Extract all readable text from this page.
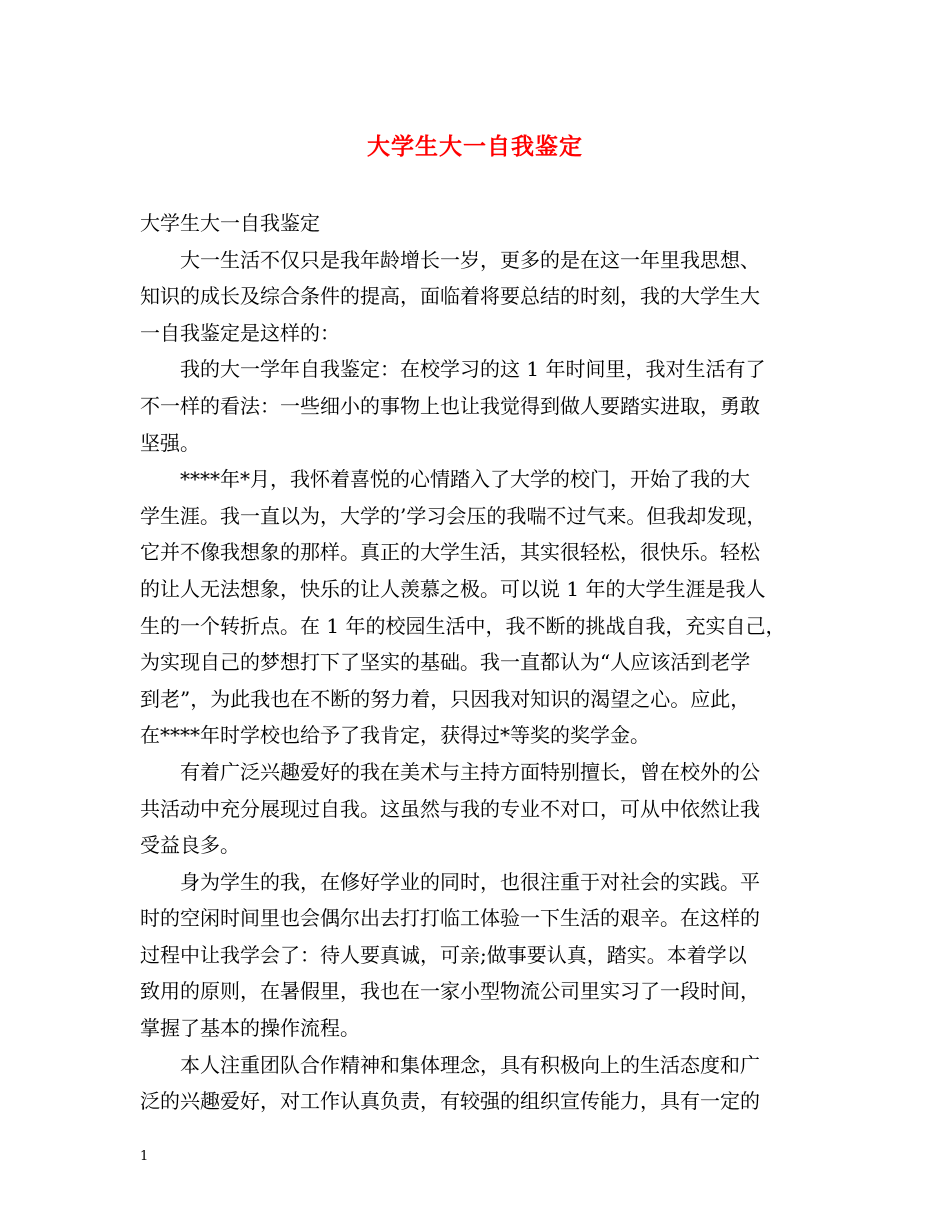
大学生大一自我鉴定
大学生大一自我鉴定
大一生活不仅只是我年龄增长一岁，更多的是在这一年里我思想、
知识的成长及综合条件的提高，面临着将要总结的时刻，我的大学生大
一自我鉴定是这样的：
我的大一学年自我鉴定：在校学习的这 1 年时间里，我对生活有了
不一样的看法：一些细小的事物上也让我觉得到做人要踏实进取，勇敢
坚强。
****年*月，我怀着喜悦的心情踏入了大学的校门，开始了我的大
学生涯。我一直以为，大学的’学习会压的我喘不过气来。但我却发现，
它并不像我想象的那样。真正的大学生活，其实很轻松，很快乐。轻松
的让人无法想象，快乐的让人羡慕之极。可以说 1 年的大学生涯是我人
生的一个转折点。在 1 年的校园生活中，我不断的挑战自我，充实自己，
为实现自己的梦想打下了坚实的基础。我一直都认为“人应该活到老学
到老”，为此我也在不断的努力着，只因我对知识的渴望之心。应此，
在****年时学校也给予了我肯定，获得过*等奖的奖学金。
有着广泛兴趣爱好的我在美术与主持方面特别擅长，曾在校外的公
共活动中充分展现过自我。这虽然与我的专业不对口，可从中依然让我
受益良多。
身为学生的我，在修好学业的同时，也很注重于对社会的实践。平
时的空闲时间里也会偶尔出去打打临工体验一下生活的艰辛。在这样的
过程中让我学会了：待人要真诚，可亲;做事要认真，踏实。本着学以
致用的原则，在暑假里，我也在一家小型物流公司里实习了一段时间，
掌握了基本的操作流程。
本人注重团队合作精神和集体理念，具有积极向上的生活态度和广
泛的兴趣爱好，对工作认真负责，有较强的组织宣传能力，具有一定的
1
